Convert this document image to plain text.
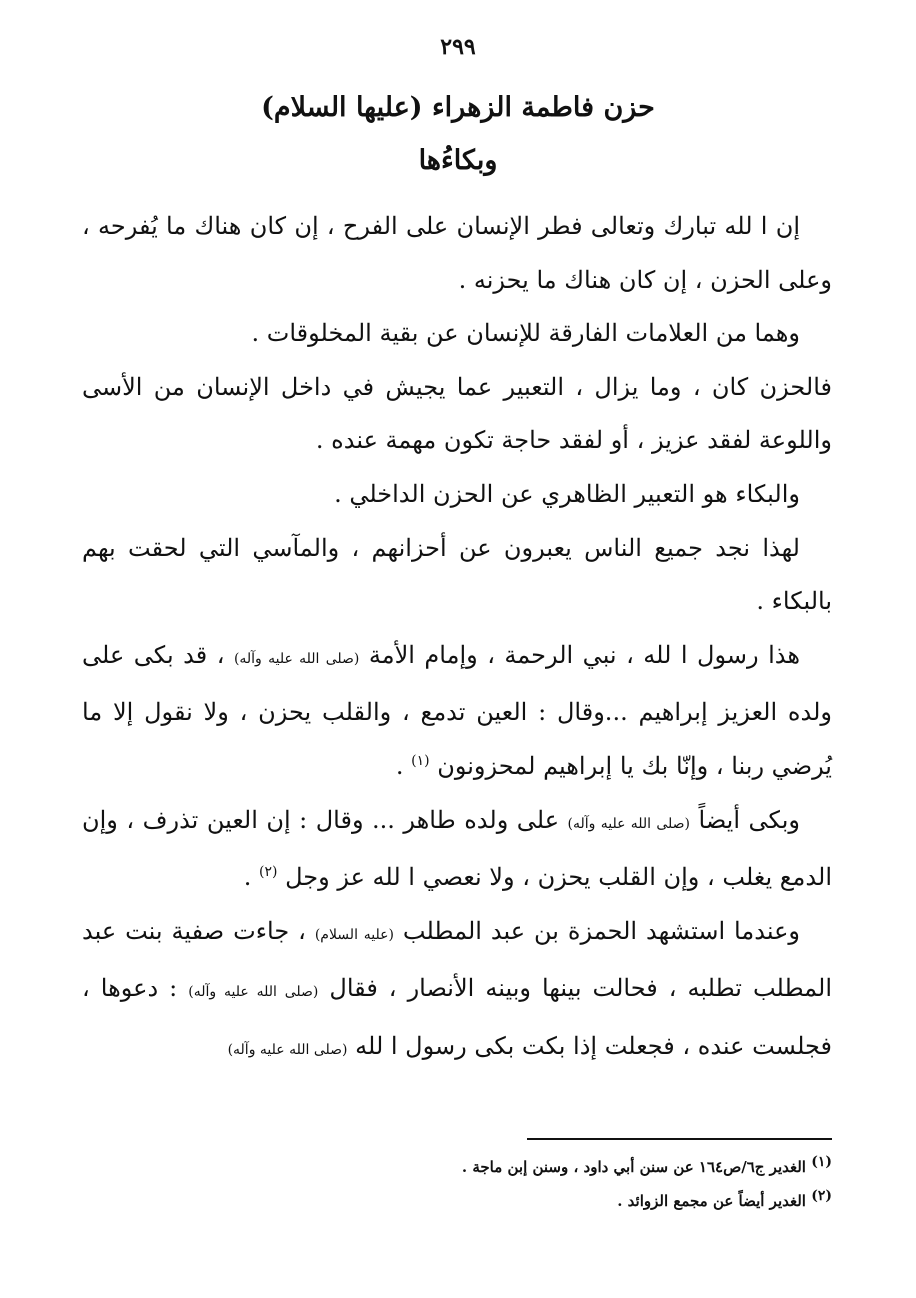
٢٩٩
حزن فاطمة الزهراء (عليها السلام)
وبكاءُها

إن ا لله تبارك وتعالى فطر الإنسان على الفرح ، إن كان هناك ما يُفرحه ، وعلى الحزن ، إن كان هناك ما يحزنه .

وهما من العلامات الفارقة للإنسان عن بقية المخلوقات .

فالحزن كان ، وما يزال ، التعبير عما يجيش في داخل الإنسان من الأسى واللوعة لفقد عزيز ، أو لفقد حاجة تكون مهمة عنده .

والبكاء هو التعبير الظاهري عن الحزن الداخلي .

لهذا نجد جميع الناس يعبرون عن أحزانهم ، والمآسي التي لحقت بهم بالبكاء .

هذا رسول ا لله ، نبي الرحمة ، وإمام الأمة (صلى الله عليه وآله) ، قد بكى على ولده العزيز إبراهيم ...وقال : العين تدمع ، والقلب يحزن ، ولا نقول إلا ما يُرضي ربنا ، وإنّا بك يا إبراهيم لمحزونون $^{(١)}$ .

وبكى أيضاً (صلى الله عليه وآله) على ولده طاهر ... وقال : إن العين تذرف ، وإن الدمع يغلب ، وإن القلب يحزن ، ولا نعصي ا لله عز وجل $^{(٢)}$ .

وعندما استشهد الحمزة بن عبد المطلب (عليه السلام) ، جاءت صفية بنت عبد المطلب تطلبه ، فحالت بينها وبينه الأنصار ، فقال (صلى الله عليه وآله) : دعوها ، فجلست عنده ، فجعلت إذا بكت بكى رسول ا لله (صلى الله عليه وآله)

$^{(١)}$ الغدير ج٦/ص١٦٤ عن سنن أبي داود ، وسنن إبن ماجة .
$^{(٢)}$ الغدير أيضاً عن مجمع الزوائد .
